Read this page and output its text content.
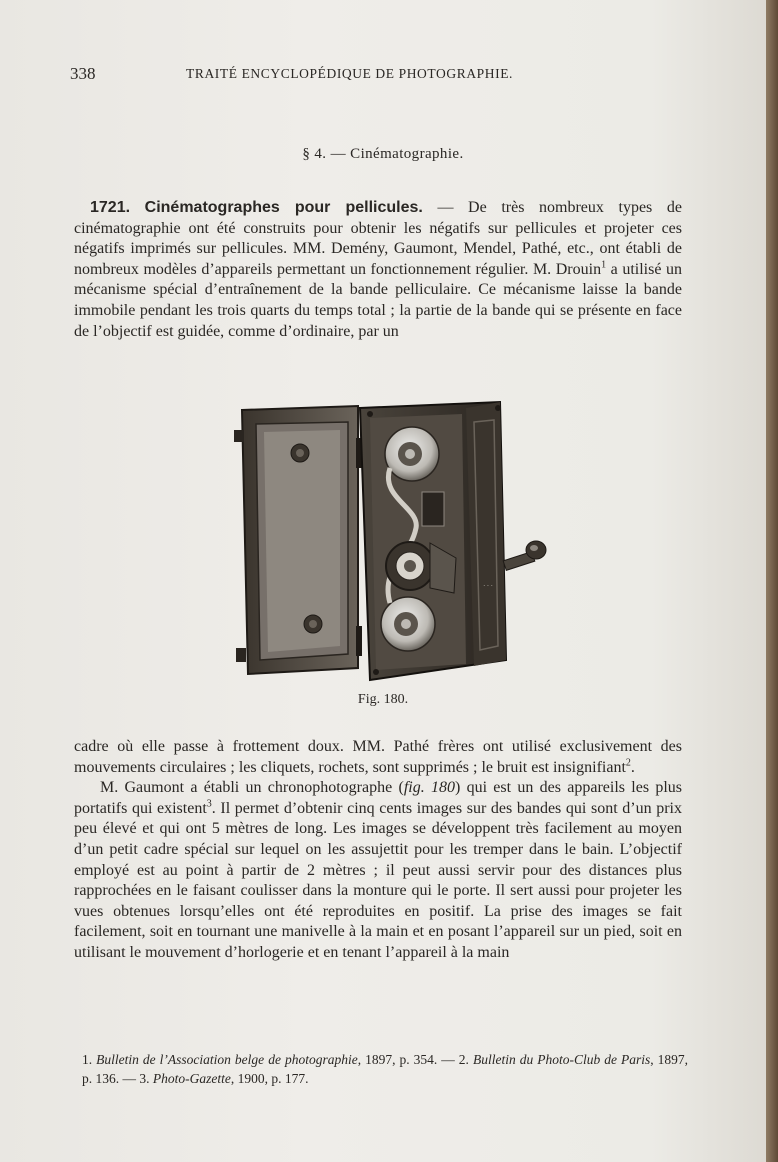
338	TRAITÉ ENCYCLOPÉDIQUE DE PHOTOGRAPHIE.
§ 4. — Cinématographie.
1721. Cinématographes pour pellicules. — De très nombreux types de cinématographie ont été construits pour obtenir les négatifs sur pellicules et projeter ces négatifs imprimés sur pellicules. MM. Demény, Gaumont, Mendel, Pathé, etc., ont établi de nombreux modèles d’appareils permettant un fonctionnement régulier. M. Drouin$^1$ a utilisé un mécanisme spécial d’entraînement de la bande pelliculaire. Ce mécanisme laisse la bande immobile pendant les trois quarts du temps total ; la partie de la bande qui se présente en face de l’objectif est guidée, comme d’ordinaire, par un
· · ·
Fig. 180.

cadre où elle passe à frottement doux. MM. Pathé frères ont utilisé exclusivement des mouvements circulaires ; les cliquets, rochets, sont supprimés ; le bruit est insignifiant$^2$.

M. Gaumont a établi un chronophotographe (fig. 180) qui est un des appareils les plus portatifs qui existent$^3$. Il permet d’obtenir cinq cents images sur des bandes qui sont d’un prix peu élevé et qui ont 5 mètres de long. Les images se développent très facilement au moyen d’un petit cadre spécial sur lequel on les assujettit pour les tremper dans le bain. L’objectif employé est au point à partir de 2 mètres ; il peut aussi servir pour des distances plus rapprochées en le faisant coulisser dans la monture qui le porte. Il sert aussi pour projeter les vues obtenues lorsqu’elles ont été reproduites en positif. La prise des images se fait facilement, soit en tournant une manivelle à la main et en posant l’appareil sur un pied, soit en utilisant le mouvement d’horlogerie et en tenant l’appareil à la main

1. Bulletin de l’Association belge de photographie, 1897, p. 354. — 2. Bulletin du Photo-Club de Paris, 1897, p. 136. — 3. Photo-Gazette, 1900, p. 177.
